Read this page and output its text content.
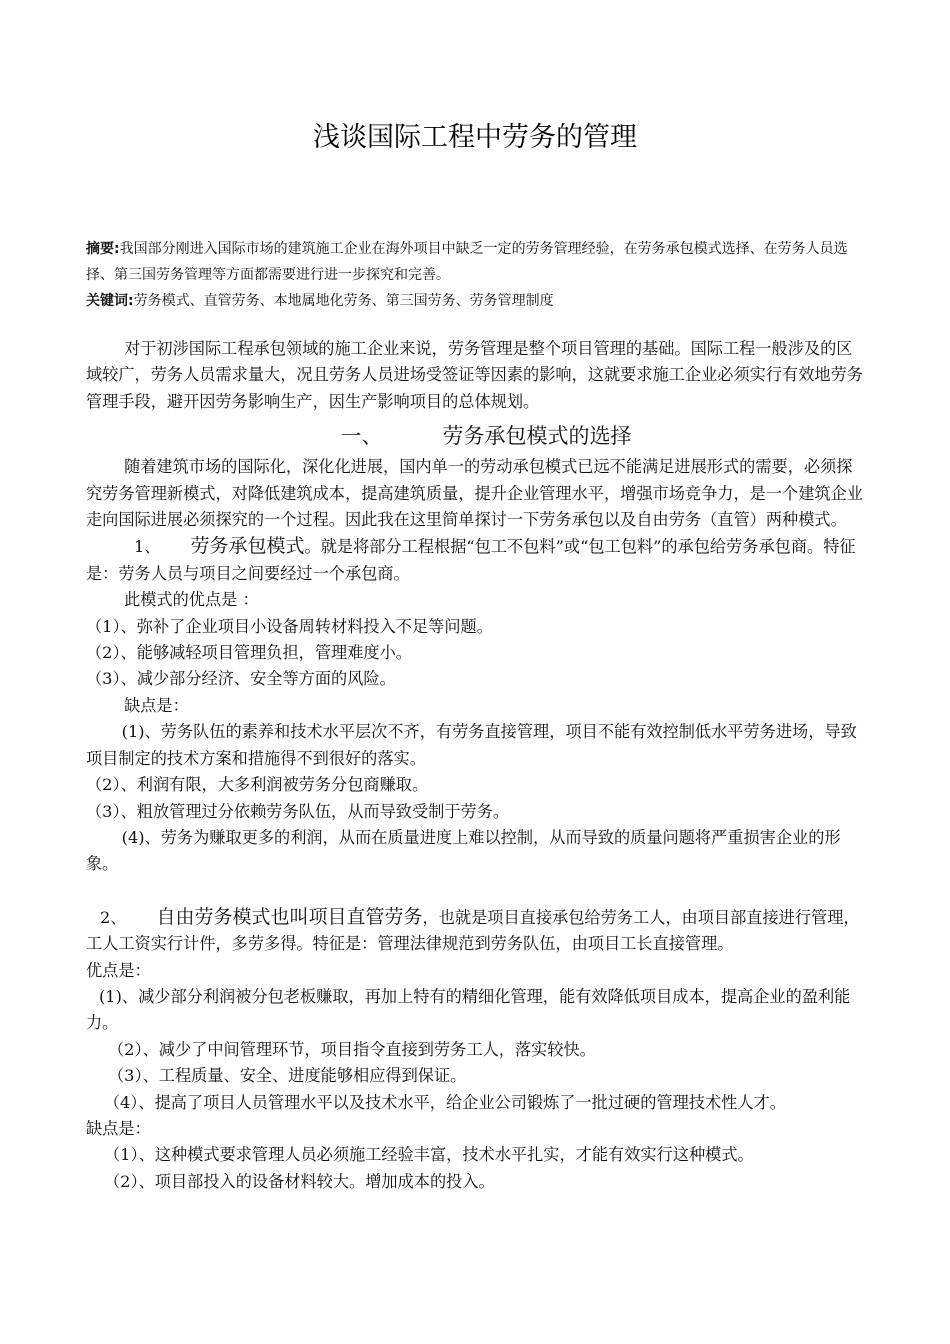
浅谈国际工程中劳务的管理
摘要:我国部分刚进入国际市场的建筑施工企业在海外项目中缺乏一定的劳务管理经验，在劳务承包模式选择、在劳务人员选择、第三国劳务管理等方面都需要进行进一步探究和完善。
关键词:劳务模式、直管劳务、本地属地化劳务、第三国劳务、劳务管理制度

对于初涉国际工程承包领域的施工企业来说，劳务管理是整个项目管理的基础。国际工程一般涉及的区域较广，劳务人员需求量大，况且劳务人员进场受签证等因素的影响，这就要求施工企业必须实行有效地劳务管理手段，避开因劳务影响生产，因生产影响项目的总体规划。

一、	劳务承包模式的选择

随着建筑市场的国际化，深化化进展，国内单一的劳动承包模式已远不能满足进展形式的需要，必须探究劳务管理新模式，对降低建筑成本，提高建筑质量，提升企业管理水平，增强市场竞争力，是一个建筑企业走向国际进展必须探究的一个过程。因此我在这里简单探讨一下劳务承包以及自由劳务（直管）两种模式。

1、 劳务承包模式。就是将部分工程根据“包工不包料”或“包工包料”的承包给劳务承包商。特征是：劳务人员与项目之间要经过一个承包商。

此模式的优点是 ：

（1）、弥补了企业项目小设备周转材料投入不足等问题。

（2）、能够减轻项目管理负担，管理难度小。

（3）、减少部分经济、安全等方面的风险。

缺点是：

(1)、劳务队伍的素养和技术水平层次不齐，有劳务直接管理，项目不能有效控制低水平劳务进场，导致项目制定的技术方案和措施得不到很好的落实。

（2）、利润有限，大多利润被劳务分包商赚取。

（3）、粗放管理过分依赖劳务队伍，从而导致受制于劳务。

(4)、劳务为赚取更多的利润，从而在质量进度上难以控制，从而导致的质量问题将严重损害企业的形象。

2、 自由劳务模式也叫项目直管劳务，也就是项目直接承包给劳务工人，由项目部直接进行管理，工人工资实行计件，多劳多得。特征是：管理法律规范到劳务队伍，由项目工长直接管理。

优点是：

(1)、减少部分利润被分包老板赚取，再加上特有的精细化管理，能有效降低项目成本，提高企业的盈利能力。

（2）、减少了中间管理环节，项目指令直接到劳务工人，落实较快。

（3）、工程质量、安全、进度能够相应得到保证。

（4）、提高了项目人员管理水平以及技术水平，给企业公司锻炼了一批过硬的管理技术性人才。

缺点是：

（1）、这种模式要求管理人员必须施工经验丰富，技术水平扎实，才能有效实行这种模式。

（2）、项目部投入的设备材料较大。增加成本的投入。
